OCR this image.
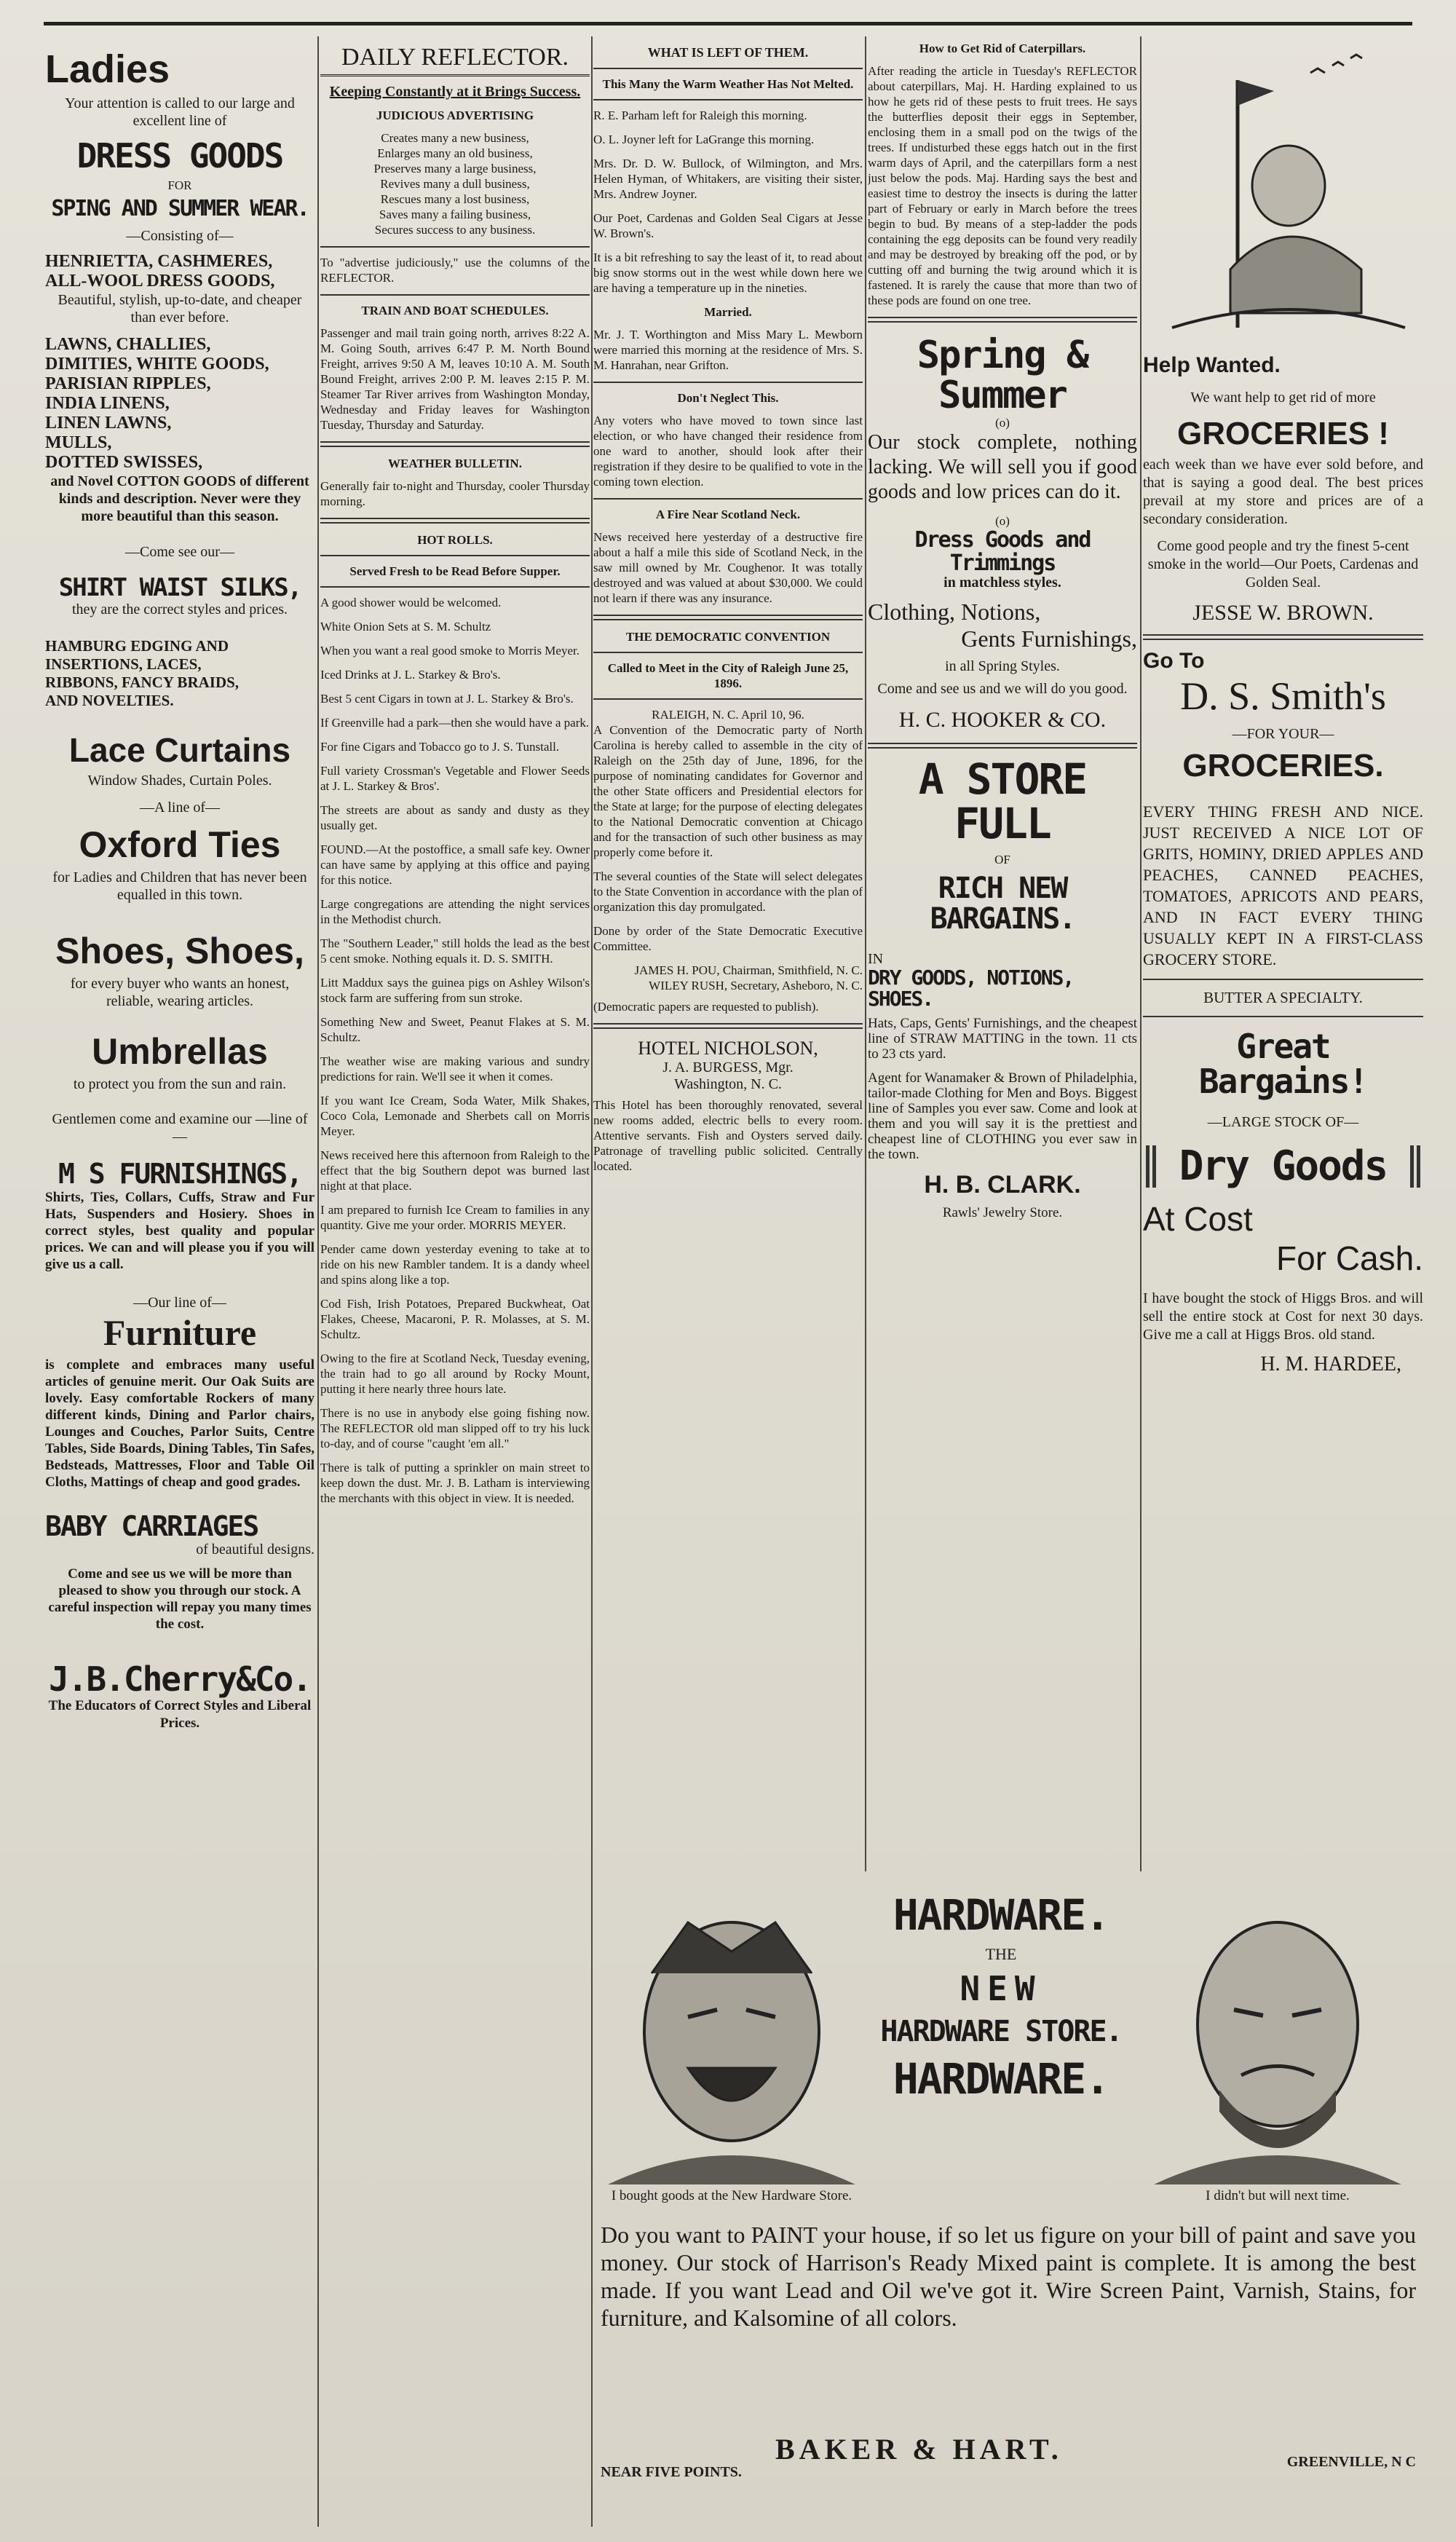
Ladies

Your attention is called to our large and excellent line of

DRESS GOODS
FOR
SPING AND SUMMER WEAR.
—Consisting of—
HENRIETTA, CASHMERES,
ALL-WOOL DRESS GOODS,

Beautiful, stylish, up-to-date, and cheaper than ever before.

LAWNS, CHALLIES,
DIMITIES, WHITE GOODS,
PARISIAN RIPPLES,
INDIA LINENS,
LINEN LAWNS,
MULLS,
DOTTED SWISSES,

and Novel COTTON GOODS of different kinds and description. Never were they more beautiful than this season.

—Come see our—
SHIRT WAIST SILKS,

they are the correct styles and prices.

HAMBURG EDGING AND
INSERTIONS, LACES,
RIBBONS, FANCY BRAIDS,
AND NOVELTIES.
Lace Curtains
Window Shades, Curtain Poles.
—A line of—
Oxford Ties

for Ladies and Children that has never been equalled in this town.

Shoes, Shoes,

for every buyer who wants an honest, reliable, wearing articles.

Umbrellas

to protect you from the sun and rain.

Gentlemen come and examine our —line of—

M S FURNISHINGS,

Shirts, Ties, Collars, Cuffs, Straw and Fur Hats, Suspenders and Hosiery. Shoes in correct styles, best quality and popular prices. We can and will please you if you will give us a call.

—Our line of—
Furniture

is complete and embraces many useful articles of genuine merit. Our Oak Suits are lovely. Easy comfortable Rockers of many different kinds, Dining and Parlor chairs, Lounges and Couches, Parlor Suits, Centre Tables, Side Boards, Dining Tables, Tin Safes, Bedsteads, Mattresses, Floor and Table Oil Cloths, Mattings of cheap and good grades.

BABY CARRIAGES
of beautiful designs.

Come and see us we will be more than pleased to show you through our stock. A careful inspection will repay you many times the cost.

J.B.Cherry&Co.

The Educators of Correct Styles and Liberal Prices.

DAILY REFLECTOR.
Keeping Constantly at it Brings Success.
JUDICIOUS ADVERTISING
Creates many a new business,
Enlarges many an old business,
Preserves many a large business,
Revives many a dull business,
Rescues many a lost business,
Saves many a failing business,
Secures success to any business.

To "advertise judiciously," use the columns of the REFLECTOR.

TRAIN AND BOAT SCHEDULES.

Passenger and mail train going north, arrives 8:22 A. M. Going South, arrives 6:47 P. M. North Bound Freight, arrives 9:50 A M, leaves 10:10 A. M. South Bound Freight, arrives 2:00 P. M. leaves 2:15 P. M. Steamer Tar River arrives from Washington Monday, Wednesday and Friday leaves for Washington Tuesday, Thursday and Saturday.

WEATHER BULLETIN.

Generally fair to-night and Thursday, cooler Thursday morning.

HOT ROLLS.
Served Fresh to be Read Before Supper.

A good shower would be welcomed.

White Onion Sets at S. M. Schultz

When you want a real good smoke to Morris Meyer.

Iced Drinks at J. L. Starkey & Bro's.

Best 5 cent Cigars in town at J. L. Starkey & Bro's.

If Greenville had a park—then she would have a park.

For fine Cigars and Tobacco go to J. S. Tunstall.

Full variety Crossman's Vegetable and Flower Seeds at J. L. Starkey & Bros'.

The streets are about as sandy and dusty as they usually get.

FOUND.—At the postoffice, a small safe key. Owner can have same by applying at this office and paying for this notice.

Large congregations are attending the night services in the Methodist church.

The "Southern Leader," still holds the lead as the best 5 cent smoke. Nothing equals it. D. S. SMITH.

Litt Maddux says the guinea pigs on Ashley Wilson's stock farm are suffering from sun stroke.

Something New and Sweet, Peanut Flakes at S. M. Schultz.

The weather wise are making various and sundry predictions for rain. We'll see it when it comes.

If you want Ice Cream, Soda Water, Milk Shakes, Coco Cola, Lemonade and Sherbets call on Morris Meyer.

News received here this afternoon from Raleigh to the effect that the big Southern depot was burned last night at that place.

I am prepared to furnish Ice Cream to families in any quantity. Give me your order. MORRIS MEYER.

Pender came down yesterday evening to take at to ride on his new Rambler tandem. It is a dandy wheel and spins along like a top.

Cod Fish, Irish Potatoes, Prepared Buckwheat, Oat Flakes, Cheese, Macaroni, P. R. Molasses, at S. M. Schultz.

Owing to the fire at Scotland Neck, Tuesday evening, the train had to go all around by Rocky Mount, putting it here nearly three hours late.

There is no use in anybody else going fishing now. The REFLECTOR old man slipped off to try his luck to-day, and of course "caught 'em all."

There is talk of putting a sprinkler on main street to keep down the dust. Mr. J. B. Latham is interviewing the merchants with this object in view. It is needed.

WHAT IS LEFT OF THEM.
This Many the Warm Weather Has Not Melted.

R. E. Parham left for Raleigh this morning.

O. L. Joyner left for LaGrange this morning.

Mrs. Dr. D. W. Bullock, of Wilmington, and Mrs. Helen Hyman, of Whitakers, are visiting their sister, Mrs. Andrew Joyner.

Our Poet, Cardenas and Golden Seal Cigars at Jesse W. Brown's.

It is a bit refreshing to say the least of it, to read about big snow storms out in the west while down here we are having a temperature up in the nineties.

Married.

Mr. J. T. Worthington and Miss Mary L. Mewborn were married this morning at the residence of Mrs. S. M. Hanrahan, near Grifton.

Don't Neglect This.

Any voters who have moved to town since last election, or who have changed their residence from one ward to another, should look after their registration if they desire to be qualified to vote in the coming town election.

A Fire Near Scotland Neck.

News received here yesterday of a destructive fire about a half a mile this side of Scotland Neck, in the saw mill owned by Mr. Coughenor. It was totally destroyed and was valued at about $30,000. We could not learn if there was any insurance.

THE DEMOCRATIC CONVENTION
Called to Meet in the City of Raleigh June 25, 1896.
RALEIGH, N. C. April 10, 96.

A Convention of the Democratic party of North Carolina is hereby called to assemble in the city of Raleigh on the 25th day of June, 1896, for the purpose of nominating candidates for Governor and the other State officers and Presidential electors for the State at large; for the purpose of electing delegates to the National Democratic convention at Chicago and for the transaction of such other business as may properly come before it.

The several counties of the State will select delegates to the State Convention in accordance with the plan of organization this day promulgated.

Done by order of the State Democratic Executive Committee.

JAMES H. POU, Chairman, Smithfield, N. C.
WILEY RUSH, Secretary, Asheboro, N. C.

(Democratic papers are requested to publish).

HOTEL NICHOLSON,
J. A. BURGESS, Mgr.
Washington, N. C.

This Hotel has been thoroughly renovated, several new rooms added, electric bells to every room. Attentive servants. Fish and Oysters served daily. Patronage of travelling public solicited. Centrally located.

How to Get Rid of Caterpillars.

After reading the article in Tuesday's REFLECTOR about caterpillars, Maj. H. Harding explained to us how he gets rid of these pests to fruit trees. He says the butterflies deposit their eggs in September, enclosing them in a small pod on the twigs of the trees. If undisturbed these eggs hatch out in the first warm days of April, and the caterpillars form a nest just below the pods. Maj. Harding says the best and easiest time to destroy the insects is during the latter part of February or early in March before the trees begin to bud. By means of a step-ladder the pods containing the egg deposits can be found very readily and may be destroyed by breaking off the pod, or by cutting off and burning the twig around which it is fastened. It is rarely the cause that more than two of these pods are found on one tree.

Spring & Summer
(o)

Our stock complete, nothing lacking. We will sell you if good goods and low prices can do it.

(o)
Dress Goods and Trimmings
in matchless styles.
Clothing, Notions,
Gents Furnishings,
in all Spring Styles.
Come and see us and we will do you good.
H. C. HOOKER & CO.
A STORE FULL
OF
RICH NEW BARGAINS.
IN
DRY GOODS, NOTIONS, SHOES.

Hats, Caps, Gents' Furnishings, and the cheapest line of STRAW MATTING in the town. 11 cts to 23 cts yard.

Agent for Wanamaker & Brown of Philadelphia, tailor-made Clothing for Men and Boys. Biggest line of Samples you ever saw. Come and look at them and you will say it is the prettiest and cheapest line of CLOTHING you ever saw in the town.

H. B. CLARK.
Rawls' Jewelry Store.
Help Wanted.
We want help to get rid of more
GROCERIES !

each week than we have ever sold before, and that is saying a good deal. The best prices prevail at my store and prices are of a secondary consideration.

Come good people and try the finest 5-cent smoke in the world—Our Poets, Cardenas and Golden Seal.

JESSE W. BROWN.
Go To
D. S. Smith's
—FOR YOUR—
GROCERIES.

EVERY THING FRESH AND NICE. JUST RECEIVED A NICE LOT OF GRITS, HOMINY, DRIED APPLES AND PEACHES, CANNED PEACHES, TOMATOES, APRICOTS AND PEARS, AND IN FACT EVERY THING USUALLY KEPT IN A FIRST-CLASS GROCERY STORE.

BUTTER A SPECIALTY.
Great Bargains!
—LARGE STOCK OF—
Dry Goods
At Cost
For Cash.

I have bought the stock of Higgs Bros. and will sell the entire stock at Cost for next 30 days. Give me a call at Higgs Bros. old stand.

H. M. HARDEE,
I bought goods at the New Hardware Store.
HARDWARE.
THE
NEW
HARDWARE STORE.
HARDWARE.
I didn't but will next time.
Do you want to PAINT your house, if so let us figure on your bill of paint and save you money. Our stock of Harrison's Ready Mixed paint is complete. It is among the best made. If you want Lead and Oil we've got it. Wire Screen Paint, Varnish, Stains, for furniture, and Kalsomine of all colors.
BAKER & HART.
NEAR FIVE POINTS.
GREENVILLE, N C
